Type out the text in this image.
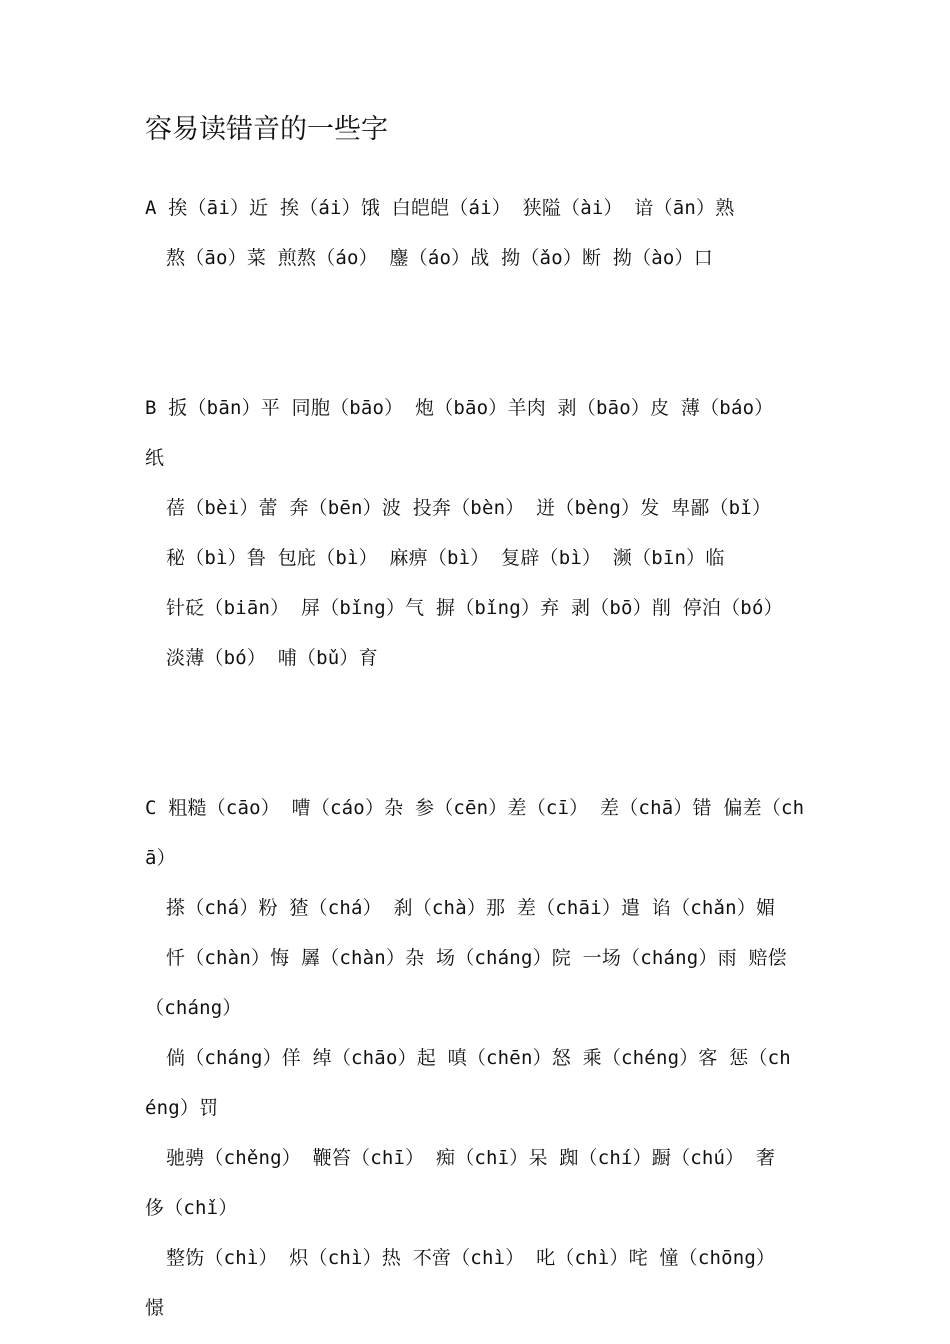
容易读错音的一些字
A 挨（āi）近 挨（ái）饿 白皑皑（ái） 狭隘（ài） 谙（ān）熟
熬（āo）菜 煎熬（áo） 鏖（áo）战 拗（ǎo）断 拗（ào）口
B 扳（bān）平 同胞（bāo） 炮（bāo）羊肉 剥（bāo）皮 薄（báo）
纸
蓓（bèi）蕾 奔（bēn）波 投奔（bèn） 迸（bèng）发 卑鄙（bǐ）
秘（bì）鲁 包庇（bì） 麻痹（bì） 复辟（bì） 濒（bīn）临
针砭（biān） 屏（bǐng）气 摒（bǐng）弃 剥（bō）削 停泊（bó）
淡薄（bó） 哺（bǔ）育
C 粗糙（cāo） 嘈（cáo）杂 参（cēn）差（cī） 差（chā）错 偏差（ch
ā）
搽（chá）粉 猹（chá） 刹（chà）那 差（chāi）遣 谄（chǎn）媚
忏（chàn）悔 羼（chàn）杂 场（cháng）院 一场（cháng）雨 赔偿
（cháng）
倘（cháng）佯 绰（chāo）起 嗔（chēn）怒 乘（chéng）客 惩（ch
éng）罚
驰骋（chěng） 鞭笞（chī） 痴（chī）呆 踟（chí）蹰（chú） 奢
侈（chǐ）
整饬（chì） 炽（chì）热 不啻（chì） 叱（chì）咤 憧（chōng）
憬
